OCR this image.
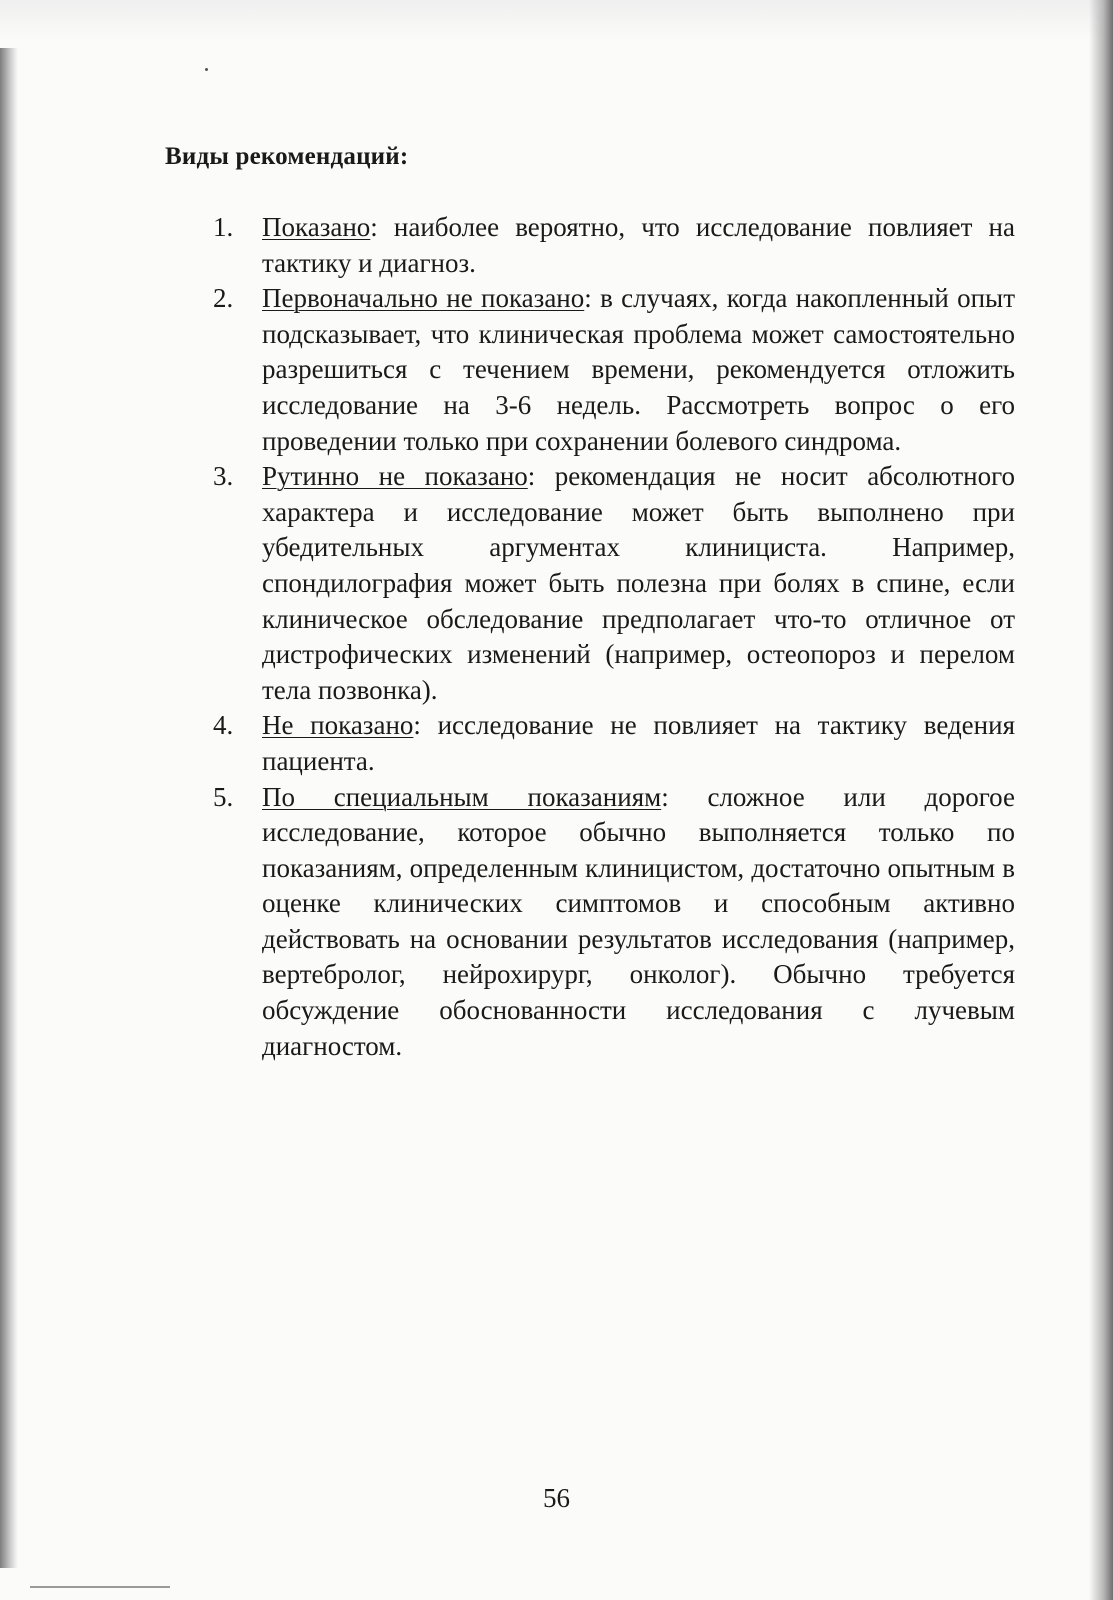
Виды рекомендаций:
1. Показано: наиболее вероятно, что исследование повлияет на тактику и диагноз.
2. Первоначально не показано: в случаях, когда накопленный опыт подсказывает, что клиническая проблема может самостоятельно разрешиться с течением времени, рекомендуется отложить исследование на 3-6 недель. Рассмотреть вопрос о его проведении только при сохранении болевого синдрома.
3. Рутинно не показано: рекомендация не носит абсолютного характера и исследование может быть выполнено при убедительных аргументах клинициста. Например, спондилография может быть полезна при болях в спине, если клиническое обследование предполагает что-то отличное от дистрофических изменений (например, остеопороз и перелом тела позвонка).
4. Не показано: исследование не повлияет на тактику ведения пациента.
5. По специальным показаниям: сложное или дорогое исследование, которое обычно выполняется только по показаниям, определенным клиницистом, достаточно опытным в оценке клинических симптомов и способным активно действовать на основании результатов исследования (например, вертебролог, нейрохирург, онколог). Обычно требуется обсуждение обоснованности исследования с лучевым диагностом.
56
